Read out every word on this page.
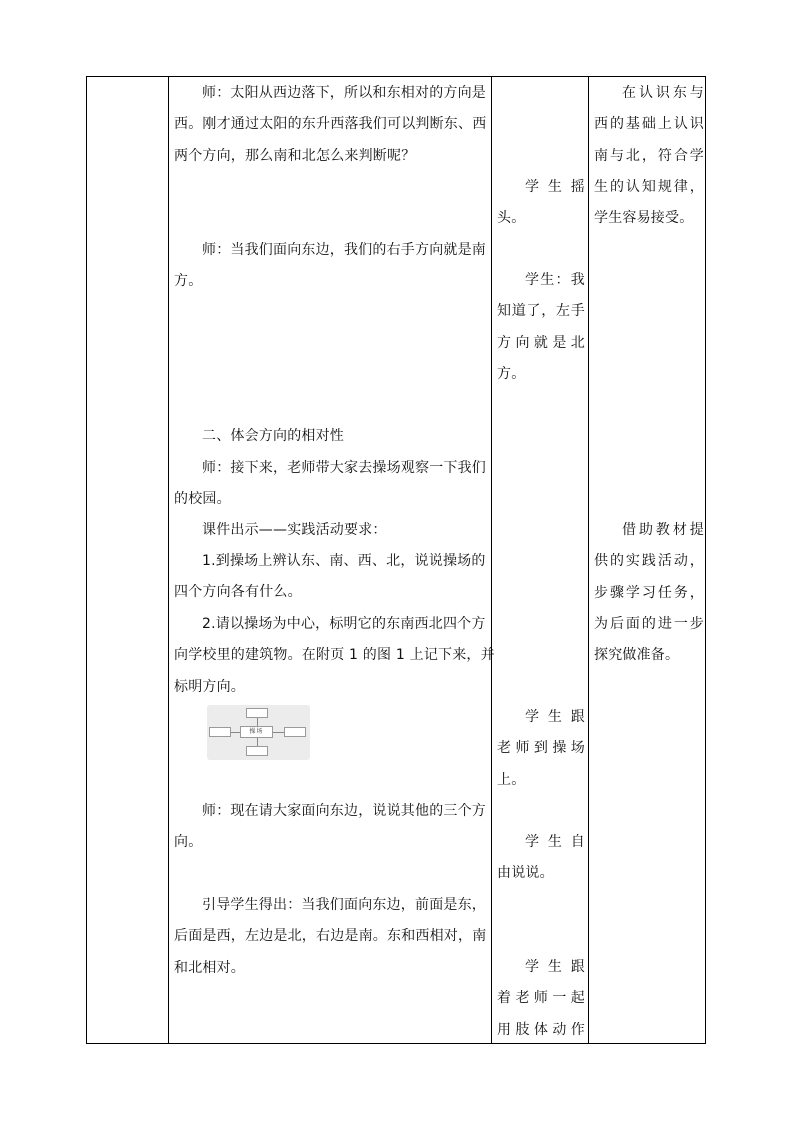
师：太阳从西边落下，所以和东相对的方向是
西。刚才通过太阳的东升西落我们可以判断东、西
两个方向，那么南和北怎么来判断呢？
师：当我们面向东边，我们的右手方向就是南
方。
二、体会方向的相对性
师：接下来，老师带大家去操场观察一下我们
的校园。
课件出示——实践活动要求：
1.到操场上辨认东、南、西、北，说说操场的
四个方向各有什么。
2.请以操场为中心，标明它的东南西北四个方
向学校里的建筑物。在附页 1 的图 1 上记下来，并
标明方向。
操场
师：现在请大家面向东边，说说其他的三个方
向。
引导学生得出：当我们面向东边，前面是东，
后面是西，左边是北，右边是南。东和西相对，南
和北相对。
学生摇
头。
学生：我
知道了，左手
方向就是北
方。
学生跟
老师到操场
上。
学生自
由说说。
学生跟
着老师一起
用肢体动作
在认识东与
西的基础上认识
南与北，符合学
生的认知规律，
学生容易接受。
借助教材提
供的实践活动，
步骤学习任务，
为后面的进一步
探究做准备。
